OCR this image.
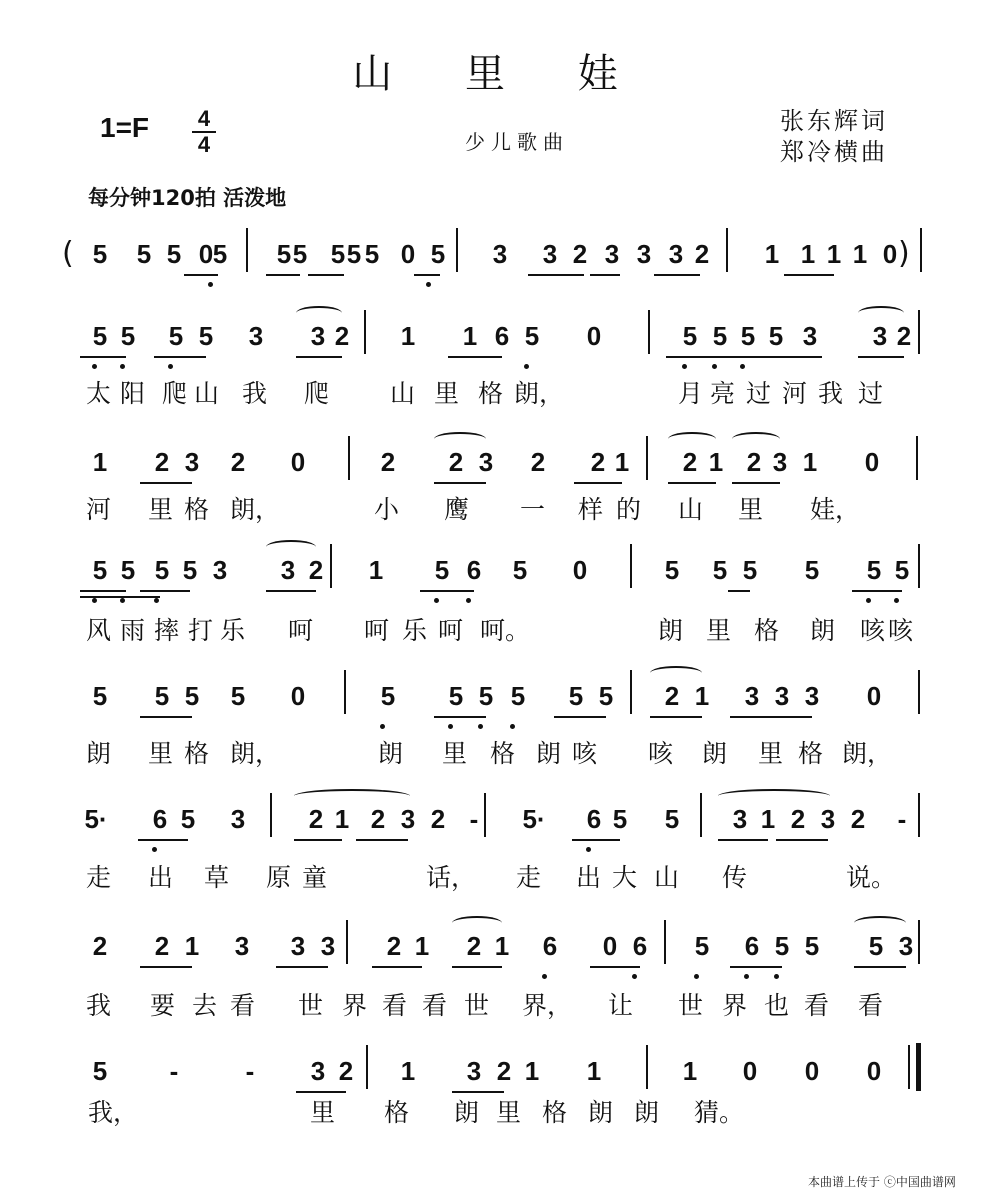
山 里 娃
1=F 4
4	少儿歌曲
张东辉词
郑冷横曲
每分钟120拍 活泼地
(	)
5 5 5 0 5 5 5 5 5 5 0 5 3 3 2 3 3 3 2 1 1 1 1 0
5 5 5 5 3 3 2 1 1 6 5 0	5 5 5 5 3 3 2
太 阳 爬 山 我 爬 山 里 格 朗，	月 亮 过 河 我 过
1 2 3 2 0	2 2 3 2 2 1 2 1 2 3 1 0
河 里 格 朗，	小 鹰 一 样 的 山 里 娃，
5 5 5 5 3 3 2 1 5 6 5 0	5 5 5 5 5 5
风 雨 摔 打 乐 呵 呵 乐 呵 呵。	朗 里 格 朗 咳 咳
5 5 5 5 0	5 5 5 5 5 5 2 1 3 3 3 0
朗 里 格 朗，	朗 里 格 朗 咳 咳 朗 里 格 朗，
5· 6 5 3 2 1 2 3 2 - 5· 6 5 5 3 1 2 3 2 -
走 出 草 原 童	话， 走 出 大 山 传	说。
2 2 1 3 3 3 2 1 2 1 6 0 6 5 6 5 5 5 3
我 要 去 看 世 界 看 看 世 界， 让 世 界 也 看 看
5 -	- 3 2 1 3 2 1 1	1 0 0 0
我，	里 格 朗 里 格 朗 朗 猜。
本曲谱上传于 ⓒ中国曲谱网
